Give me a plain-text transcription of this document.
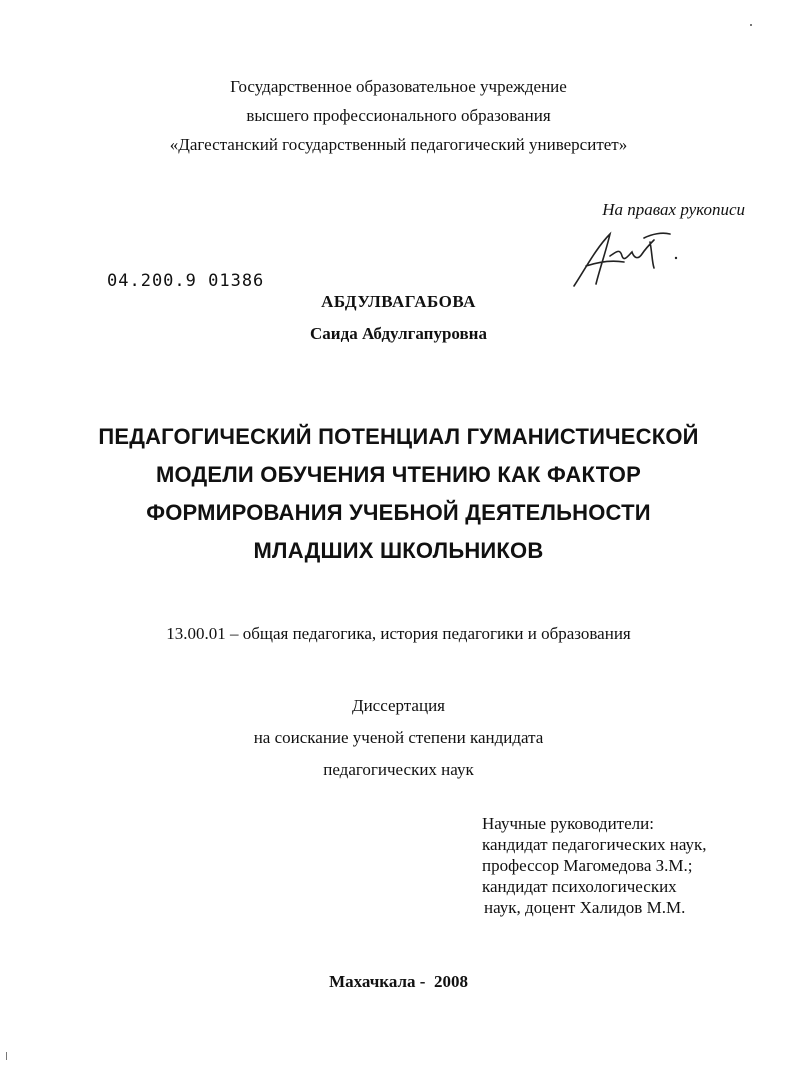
Государственное образовательное учреждение
высшего профессионального образования
«Дагестанский государственный педагогический университет»
На правах рукописи
04.200.9 01386
АБДУЛВАГАБОВА
Саида Абдулгапуровна
ПЕДАГОГИЧЕСКИЙ ПОТЕНЦИАЛ ГУМАНИСТИЧЕСКОЙ
МОДЕЛИ ОБУЧЕНИЯ ЧТЕНИЮ КАК ФАКТОР
ФОРМИРОВАНИЯ УЧЕБНОЙ ДЕЯТЕЛЬНОСТИ
МЛАДШИХ ШКОЛЬНИКОВ
13.00.01 – общая педагогика, история педагогики и образования
Диссертация
на соискание ученой степени кандидата
педагогических наук
Научные руководители:
кандидат педагогических наук,
профессор Магомедова З.М.;
кандидат психологических
наук, доцент Халидов М.М.
Махачкала - 2008
